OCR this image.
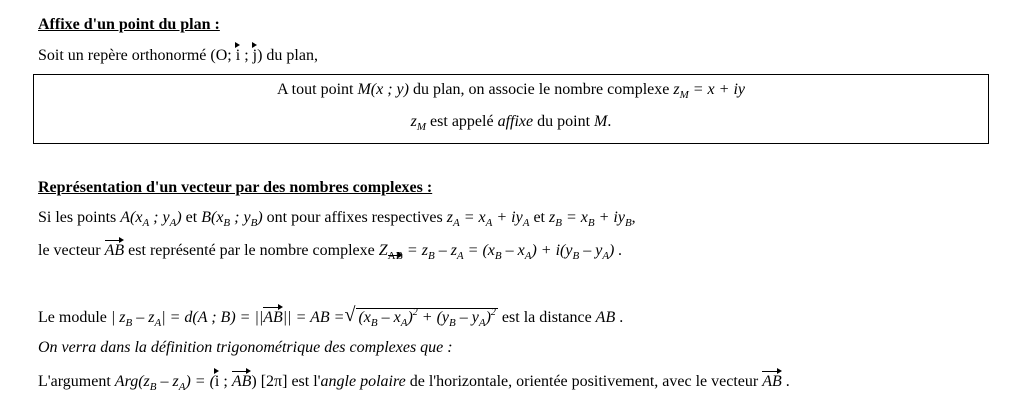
Affixe d'un point du plan :
Soit un repère orthonormé (O; i ; j) du plan,
A tout point M(x ; y) du plan, on associe le nombre complexe $z_M = x$ + iy
$z_M$ est appelé affixe du point M.
Représentation d'un vecteur par des nombres complexes :
Si les points $A(x_A$ ; $y_A$) et $B(x_B$ ; $y_B$) ont pour affixes respectives $z_A = x_A + iy_A$ et $z_B = x_B + iy_B$,
le vecteur AB est représenté par le nombre complexe $Z_{AB} = z_B - z_A = (x_B - x_A) + i(y_B - y_A)$ .
Le module | $z_B - z_A| = d(A$ ; B) = ||AB|| = AB = √ $(x_B - x_A)^2 + (y_B - y_A)^2$ est la distance AB .
On verra dans la définition trigonométrique des complexes que :
L'argument $Arg(z_B - z_A) = (i$ ; AB) [2π] est l'angle polaire de l'horizontale, orientée positivement, avec le vecteur AB .
